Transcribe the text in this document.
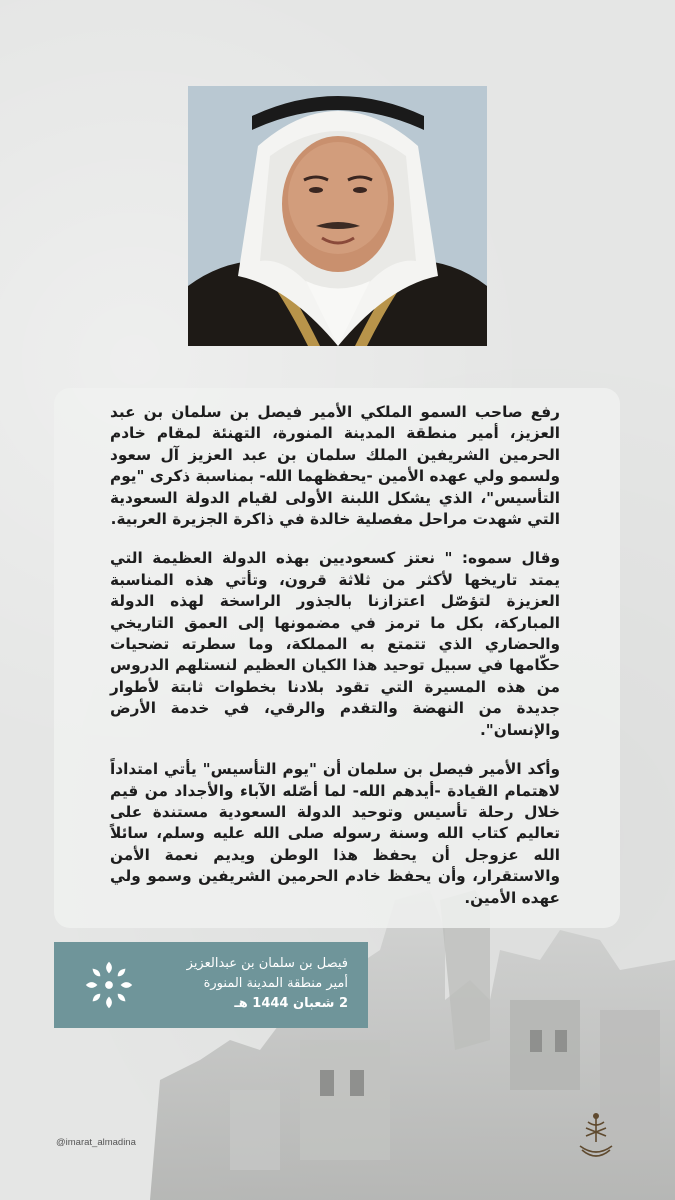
رفع صاحب السمو الملكي الأمير فيصل بن سلمان بن عبد العزيز، أمير منطقة المدينة المنورة، التهنئة لمقام خادم الحرمين الشريفين الملك سلمان بن عبد العزيز آل سعود ولسمو ولي عهده الأمين -يحفظهما الله- بمناسبة ذكرى "يوم التأسيس"، الذي يشكل اللبنة الأولى لقيام الدولة السعودية التي شهدت مراحل مفصلية خالدة في ذاكرة الجزيرة العربية.

وقال سموه: " نعتز كسعوديين بهذه الدولة العظيمة التي يمتد تاريخها لأكثر من ثلاثة قرون، وتأتي هذه المناسبة العزيزة لتؤصّل اعتزازنا بالجذور الراسخة لهذه الدولة المباركة، بكل ما ترمز في مضمونها إلى العمق التاريخي والحضاري الذي تتمتع به المملكة، وما سطرته تضحيات حكّامها في سبيل توحيد هذا الكيان العظيم لنستلهم الدروس من هذه المسيرة التي تقود بلادنا بخطوات ثابتة لأطوار جديدة من النهضة والتقدم والرقي، في خدمة الأرض والإنسان".

وأكد الأمير فيصل بن سلمان أن "يوم التأسيس" يأتي امتداداً لاهتمام القيادة -أيدهم الله- لما أصّله الآباء والأجداد من قيم خلال رحلة تأسيس وتوحيد الدولة السعودية مستندة على تعاليم كتاب الله وسنة رسوله صلى الله عليه وسلم، سائلاً الله عزوجل أن يحفظ هذا الوطن ويديم نعمة الأمن والاستقرار، وأن يحفظ خادم الحرمين الشريفين وسمو ولي عهده الأمين.

فيصل بن سلمان بن عبدالعزيز
أمير منطقة المدينة المنورة
2 شعبان 1444 هـ
@imarat_almadina
